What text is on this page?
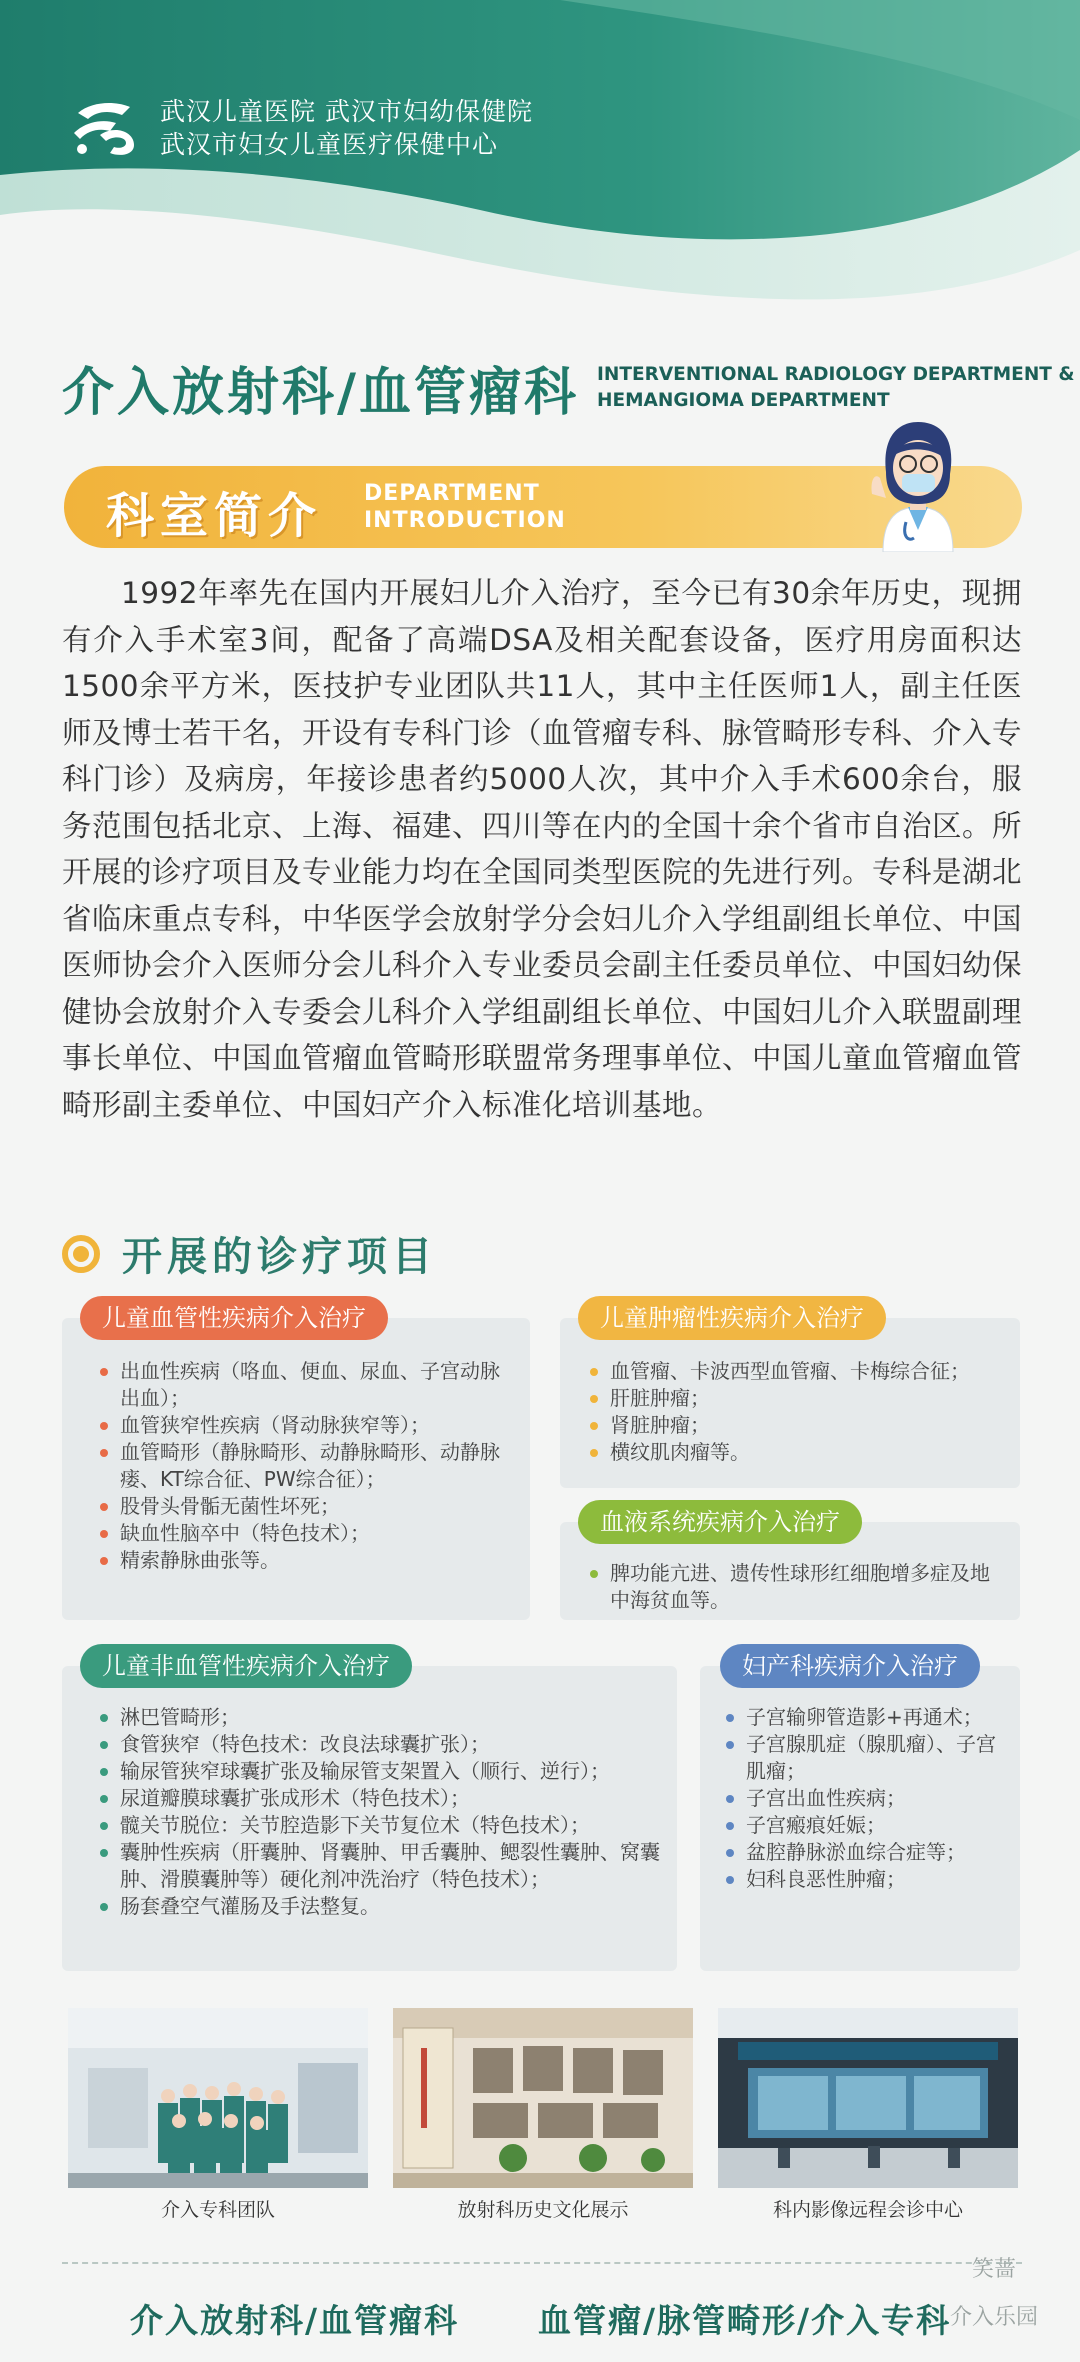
武汉儿童医院 武汉市妇幼保健院
武汉市妇女儿童医疗保健中心
介入放射科/血管瘤科 INTERVENTIONAL RADIOLOGY DEPARTMENT &
HEMANGIOMA DEPARTMENT
科室简介 DEPARTMENT
INTRODUCTION
1992年率先在国内开展妇儿介入治疗，至今已有30余年历史，现拥有介入手术室3间，配备了高端DSA及相关配套设备，医疗用房面积达1500余平方米，医技护专业团队共11人，其中主任医师1人，副主任医师及博士若干名，开设有专科门诊（血管瘤专科、脉管畸形专科、介入专科门诊）及病房，年接诊患者约5000人次，其中介入手术600余台，服务范围包括北京、上海、福建、四川等在内的全国十余个省市自治区。所开展的诊疗项目及专业能力均在全国同类型医院的先进行列。专科是湖北省临床重点专科，中华医学会放射学分会妇儿介入学组副组长单位、中国医师协会介入医师分会儿科介入专业委员会副主任委员单位、中国妇幼保健协会放射介入专委会儿科介入学组副组长单位、中国妇儿介入联盟副理事长单位、中国血管瘤血管畸形联盟常务理事单位、中国儿童血管瘤血管畸形副主委单位、中国妇产介入标准化培训基地。
开展的诊疗项目
儿童血管性疾病介入治疗
出血性疾病（咯血、便血、尿血、子宫动脉出血）；
血管狭窄性疾病（肾动脉狭窄等）；
血管畸形（静脉畸形、动静脉畸形、动静脉瘘、KT综合征、PW综合征）；
股骨头骨骺无菌性坏死；
缺血性脑卒中（特色技术）；
精索静脉曲张等。
儿童肿瘤性疾病介入治疗
血管瘤、卡波西型血管瘤、卡梅综合征；
肝脏肿瘤；
肾脏肿瘤；
横纹肌肉瘤等。
血液系统疾病介入治疗
脾功能亢进、遗传性球形红细胞增多症及地中海贫血等。
儿童非血管性疾病介入治疗
淋巴管畸形；
食管狭窄（特色技术：改良法球囊扩张）；
输尿管狭窄球囊扩张及输尿管支架置入（顺行、逆行）；
尿道瓣膜球囊扩张成形术（特色技术）；
髋关节脱位：关节腔造影下关节复位术（特色技术）；
囊肿性疾病（肝囊肿、肾囊肿、甲舌囊肿、鳃裂性囊肿、窝囊 肿、滑膜囊肿等）硬化剂冲洗治疗（特色技术）；
肠套叠空气灌肠及手法整复。
妇产科疾病介入治疗
子宫输卵管造影+再通术；
子宫腺肌症（腺肌瘤）、子宫肌瘤；
子宫出血性疾病；
子宫瘢痕妊娠；
盆腔静脉淤血综合症等；
妇科良恶性肿瘤；
介入专科团队	放射科历史文化展示	科内影像远程会诊中心
介入放射科/血管瘤科 血管瘤/脉管畸形/介入专科
笑蔷
介入乐园
